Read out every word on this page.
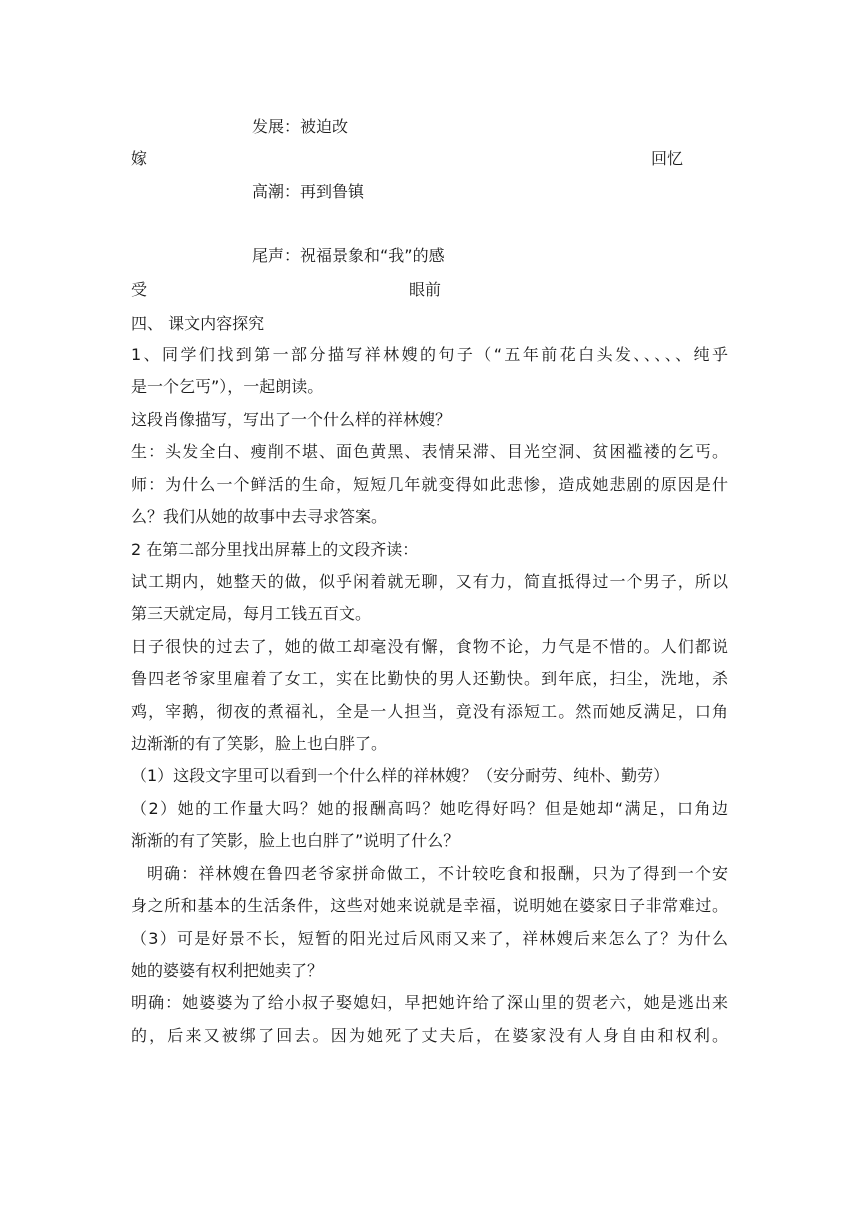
发展：被迫改
嫁	回忆
高潮：再到鲁镇
尾声：祝福景象和“我”的感
受	眼前
四、 课文内容探究
1、同学们找到第一部分描写祥林嫂的句子（“五年前花白头发、、、、、纯乎
是一个乞丐”），一起朗读。
这段肖像描写，写出了一个什么样的祥林嫂？
生：头发全白、瘦削不堪、面色黄黑、表情呆滞、目光空洞、贫困褴褛的乞丐。
师：为什么一个鲜活的生命，短短几年就变得如此悲惨，造成她悲剧的原因是什
么？我们从她的故事中去寻求答案。
2 在第二部分里找出屏幕上的文段齐读：
试工期内，她整天的做，似乎闲着就无聊，又有力，简直抵得过一个男子，所以
第三天就定局，每月工钱五百文。
日子很快的过去了，她的做工却毫没有懈，食物不论，力气是不惜的。人们都说
鲁四老爷家里雇着了女工，实在比勤快的男人还勤快。到年底，扫尘，洗地，杀
鸡，宰鹅，彻夜的煮福礼，全是一人担当，竟没有添短工。然而她反满足，口角
边渐渐的有了笑影，脸上也白胖了。
（1）这段文字里可以看到一个什么样的祥林嫂？（安分耐劳、纯朴、勤劳）
（2）她的工作量大吗？她的报酬高吗？她吃得好吗？但是她却“满足，口角边
渐渐的有了笑影，脸上也白胖了”说明了什么？
明确：祥林嫂在鲁四老爷家拼命做工，不计较吃食和报酬，只为了得到一个安
身之所和基本的生活条件，这些对她来说就是幸福，说明她在婆家日子非常难过。
（3）可是好景不长，短暂的阳光过后风雨又来了，祥林嫂后来怎么了？为什么
她的婆婆有权利把她卖了？
明确：她婆婆为了给小叔子娶媳妇，早把她许给了深山里的贺老六，她是逃出来
的，后来又被绑了回去。因为她死了丈夫后，在婆家没有人身自由和权利。
